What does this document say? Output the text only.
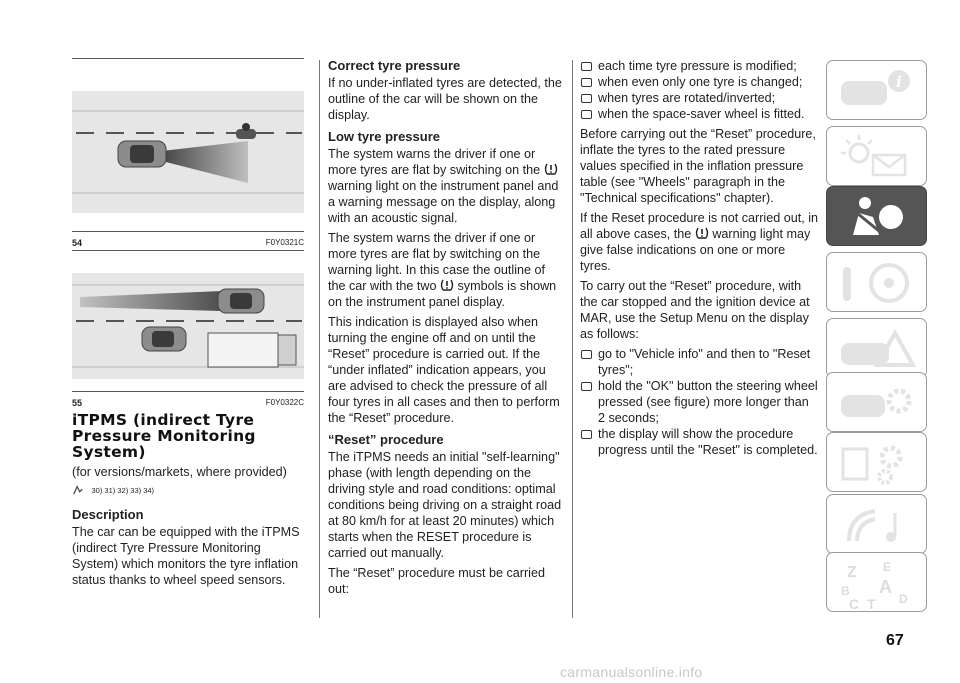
54	F0Y0321C
55	F0Y0322C
iTPMS (indirect Tyre Pressure Monitoring System)

(for versions/markets, where provided)

30) 31) 32) 33) 34)

Description

The car can be equipped with the iTPMS (indirect Tyre Pressure Monitoring System) which monitors the tyre inflation status thanks to wheel speed sensors.

Correct tyre pressure

If no under-inflated tyres are detected, the outline of the car will be shown on the display.

Low tyre pressure

The system warns the driver if one or more tyres are flat by switching on the  warning light on the instrument panel and a warning message on the display, along with an acoustic signal.

The system warns the driver if one or more tyres are flat by switching on the warning light. In this case the outline of the car with the two symbols is shown on the instrument panel display.

This indication is displayed also when turning the engine off and on until the “Reset” procedure is carried out. If the “under inflated” indication appears, you are advised to check the pressure of all four tyres in all cases and then to perform the “Reset” procedure.

“Reset” procedure

The iTPMS needs an initial "self-learning" phase (with length depending on the driving style and road conditions: optimal conditions being driving on a straight road at 80 km/h for at least 20 minutes) which starts when the RESET procedure is carried out manually.

The “Reset” procedure must be carried out:

each time tyre pressure is modified;
when even only one tyre is changed;
when tyres are rotated/inverted;
when the space-saver wheel is fitted.

Before carrying out the “Reset” procedure, inflate the tyres to the rated pressure values specified in the inflation pressure table (see "Wheels" paragraph in the "Technical specifications" chapter).

If the Reset procedure is not carried out, in all above cases, the warning light may give false indications on one or more tyres.

To carry out the “Reset” procedure, with the car stopped and the ignition device at MAR, use the Setup Menu on the display as follows:

go to "Vehicle info" and then to "Reset tyres";
hold the "OK" button the steering wheel pressed (see figure) more longer than 2 seconds;
the display will show the procedure progress until the "Reset" is completed.
i
Z E
A
B
C T D
67
carmanualsonline.info
